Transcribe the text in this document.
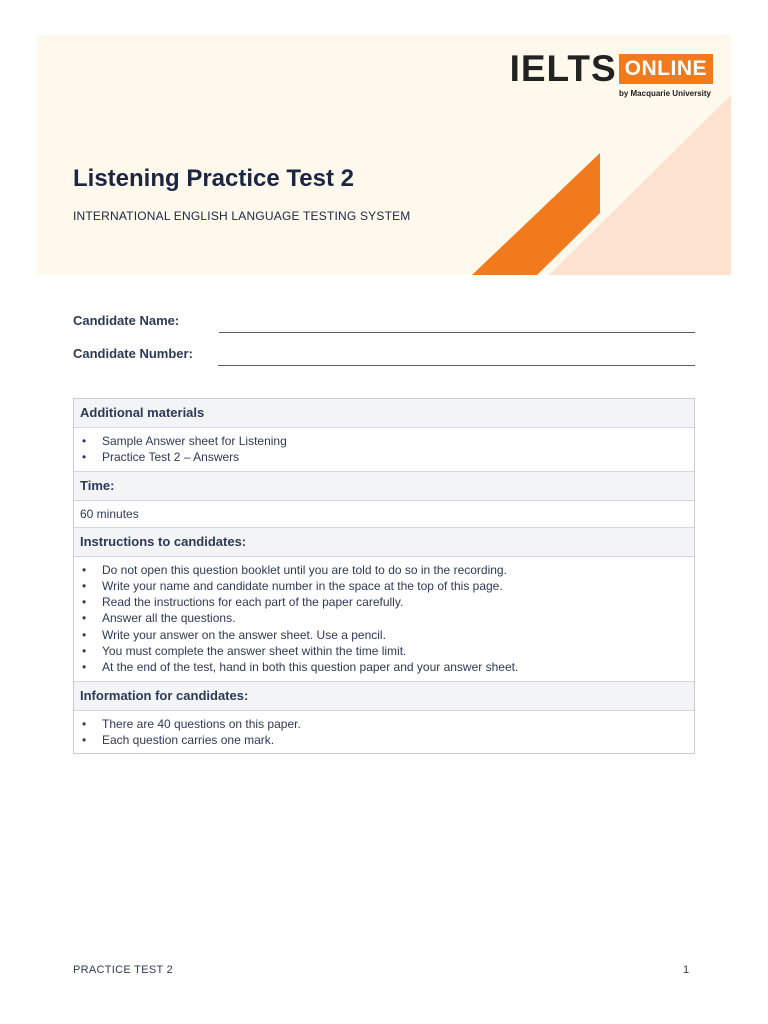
IELTS ONLINE
by Macquarie University
Listening Practice Test 2
INTERNATIONAL ENGLISH LANGUAGE TESTING SYSTEM
Candidate Name:
Candidate Number:
Additional materials
• Sample Answer sheet for Listening
• Practice Test 2 – Answers
Time:
60 minutes
Instructions to candidates:
• Do not open this question booklet until you are told to do so in the recording.
• Write your name and candidate number in the space at the top of this page.
• Read the instructions for each part of the paper carefully.
• Answer all the questions.
• Write your answer on the answer sheet. Use a pencil.
• You must complete the answer sheet within the time limit.
• At the end of the test, hand in both this question paper and your answer sheet.
Information for candidates:
• There are 40 questions on this paper.
• Each question carries one mark.
PRACTICE TEST 2	1
